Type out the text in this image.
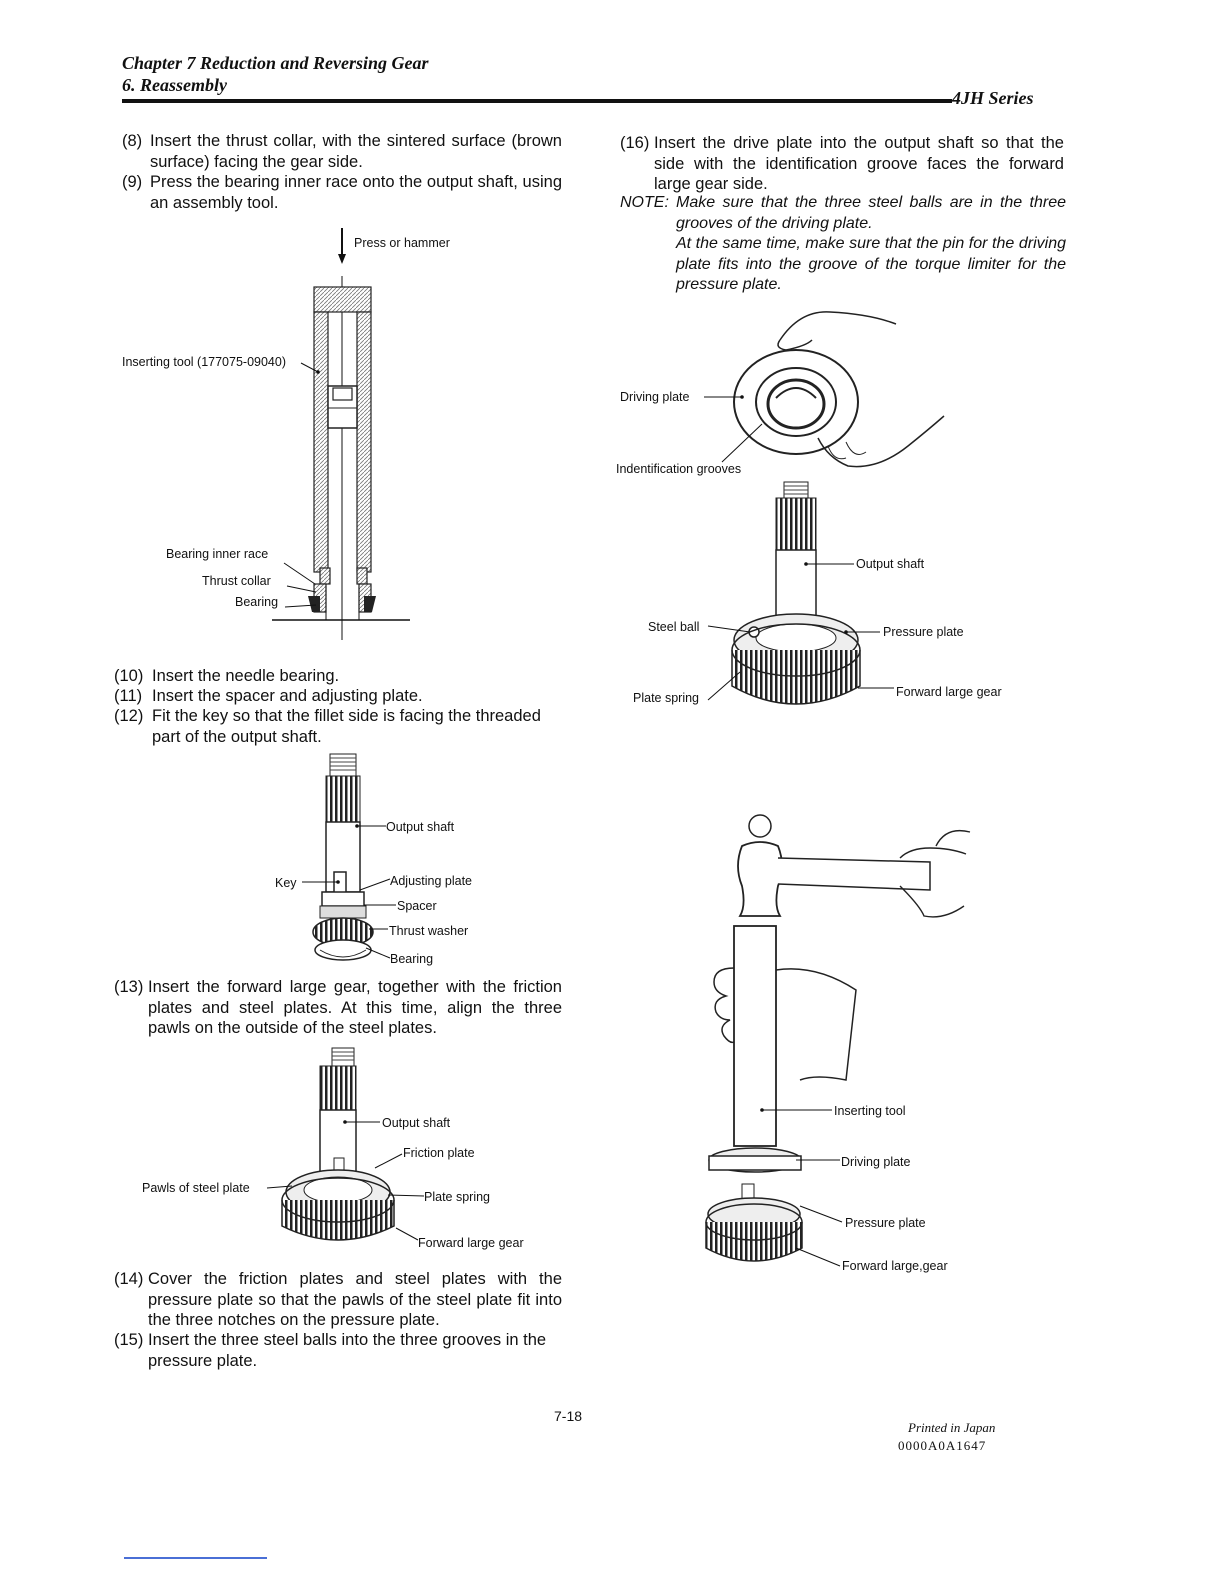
Chapter 7 Reduction and Reversing Gear
6. Reassembly
4JH Series
(8) Insert the thrust collar, with the sintered surface (brown surface) facing the gear side.
(9) Press the bearing inner race onto the output shaft, using an assembly tool.
Press or hammer
Inserting tool (177075-09040)
Bearing inner race
Thrust collar
Bearing
(10) Insert the needle bearing.
(11) Insert the spacer and adjusting plate.
(12) Fit the key so that the fillet side is facing the threaded part of the output shaft.
Output shaft
Key	Adjusting plate
Spacer
Thrust washer
Bearing
(13) Insert the forward large gear, together with the friction plates and steel plates. At this time, align the three pawls on the outside of the steel plates.
Output shaft
Friction plate
Pawls of steel plate
Plate spring
Forward large gear
(14) Cover the friction plates and steel plates with the pressure plate so that the pawls of the steel plate fit into the three notches on the pressure plate.
(15) Insert the three steel balls into the three grooves in the pressure plate.
(16) Insert the drive plate into the output shaft so that the side with the identification groove faces the forward large gear side.
NOTE: Make sure that the three steel balls are in the three grooves of the driving plate.
At the same time, make sure that the pin for the driving plate fits into the groove of the torque limiter for the pressure plate.
Driving plate
Indentification grooves
Output shaft
Steel ball	Pressure plate
Plate spring	Forward large gear
Inserting tool
Driving plate
Pressure plate
Forward large,gear
7-18
Printed in Japan
0000A0A1647
